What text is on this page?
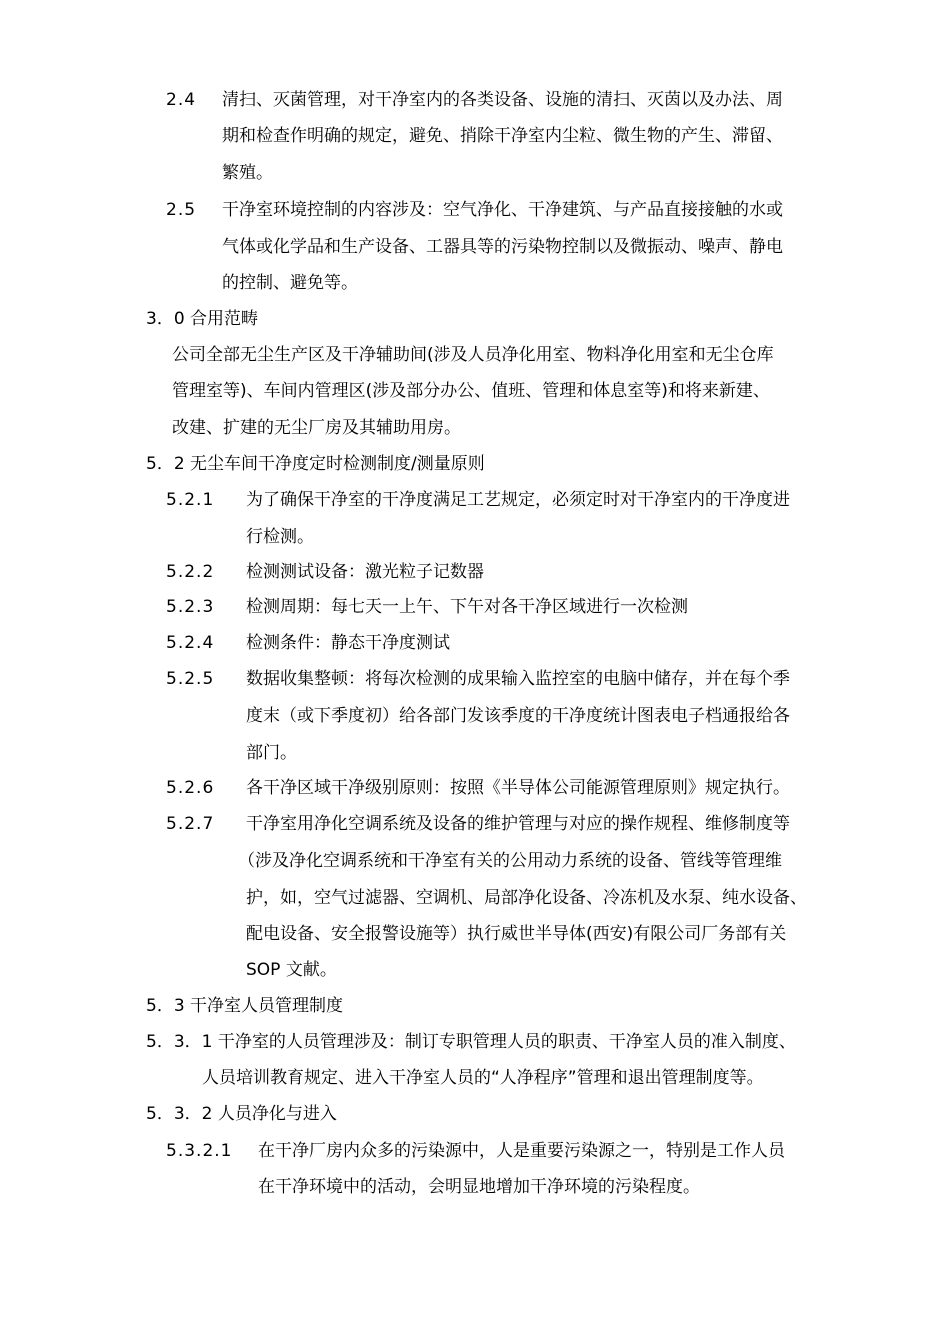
2.4 清扫、灭菌管理，对干净室内的各类设备、设施的清扫、灭茵以及办法、周
期和检查作明确的规定，避免、捎除干净室内尘粒、微生物的产生、滞留、
繁殖。
2.5 干净室环境控制的内容涉及：空气净化、干净建筑、与产品直接接触的水或
气体或化学品和生产设备、工器具等的污染物控制以及微振动、噪声、静电
的控制、避免等。
3．0 合用范畴
公司全部无尘生产区及干净辅助间(涉及人员净化用室、物料净化用室和无尘仓库
管理室等)、车间内管理区(涉及部分办公、值班、管理和体息室等)和将来新建、
改建、扩建的无尘厂房及其辅助用房。
5．2 无尘车间干净度定时检测制度/测量原则
5.2.1 为了确保干净室的干净度满足工艺规定，必须定时对干净室内的干净度进
行检测。
5.2.2 检测测试设备：激光粒子记数器
5.2.3 检测周期：每七天一上午、下午对各干净区域进行一次检测
5.2.4 检测条件：静态干净度测试
5.2.5 数据收集整顿：将每次检测的成果输入监控室的电脑中储存，并在每个季
度末（或下季度初）给各部门发该季度的干净度统计图表电子档通报给各
部门。
5.2.6 各干净区域干净级别原则：按照《半导体公司能源管理原则》规定执行。
5.2.7 干净室用净化空调系统及设备的维护管理与对应的操作规程、维修制度等
（涉及净化空调系统和干净室有关的公用动力系统的设备、管线等管理维
护，如，空气过滤器、空调机、局部净化设备、冷冻机及水泵、纯水设备、
配电设备、安全报警设施等）执行威世半导体(西安)有限公司厂务部有关
SOP 文献。
5．3 干净室人员管理制度
5．3．1 干净室的人员管理涉及：制订专职管理人员的职责、干净室人员的准入制度、
人员培训教育规定、进入干净室人员的“人净程序”管理和退出管理制度等。
5．3．2 人员净化与进入
5.3.2.1 在干净厂房内众多的污染源中，人是重要污染源之一，特别是工作人员
在干净环境中的活动，会明显地增加干净环境的污染程度。
